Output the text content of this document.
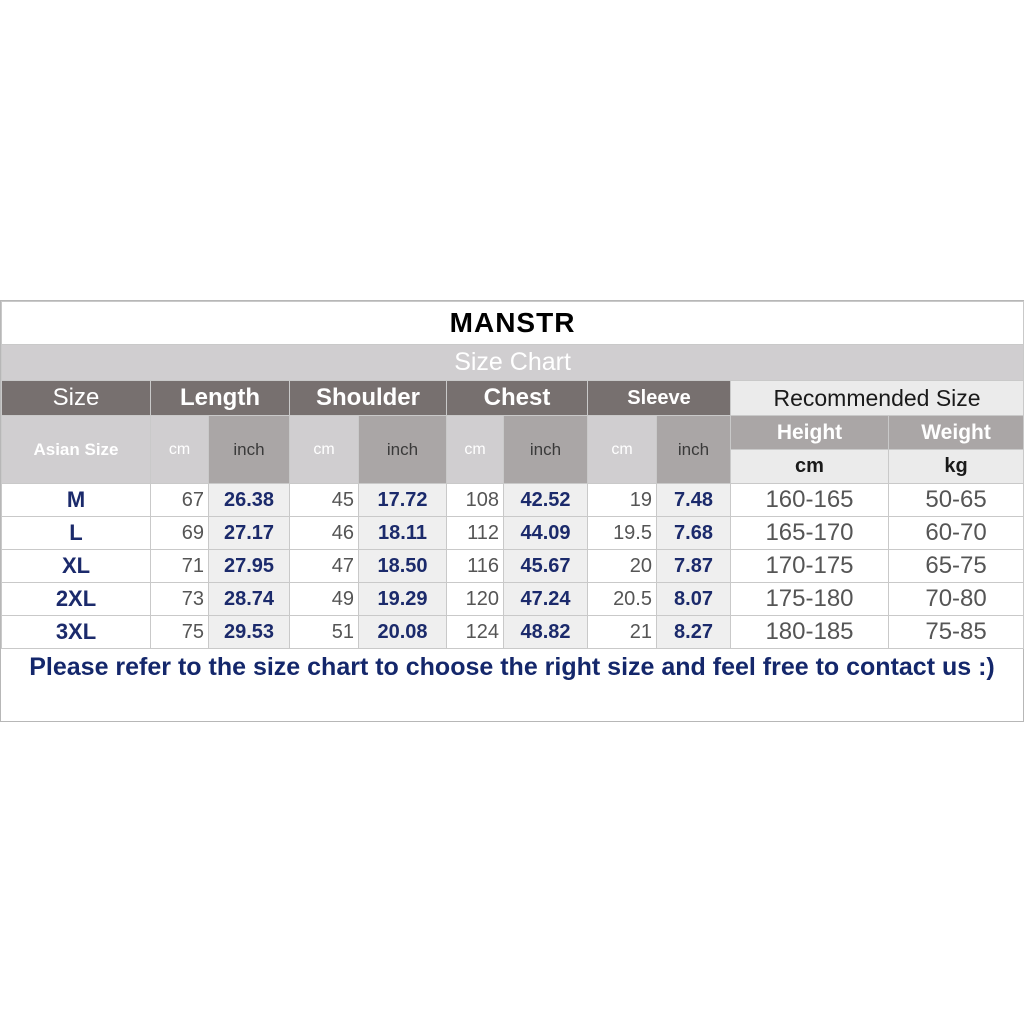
MANSTR										
Size Chart										
Size	Length		Shoulder		Chest		Sleeve		Recommended Size	
Asian Size	cm	inch	cm	inch	cm	inch	cm	inch	Height	Weight
									cm	kg
M	67	26.38	45	17.72	108	42.52	19	7.48	160-165	50-65
L	69	27.17	46	18.11	112	44.09	19.5	7.68	165-170	60-70
XL	71	27.95	47	18.50	116	45.67	20	7.87	170-175	65-75
2XL	73	28.74	49	19.29	120	47.24	20.5	8.07	175-180	70-80
3XL	75	29.53	51	20.08	124	48.82	21	8.27	180-185	75-85
Please refer to the size chart to choose the right size and feel free to contact us :)
